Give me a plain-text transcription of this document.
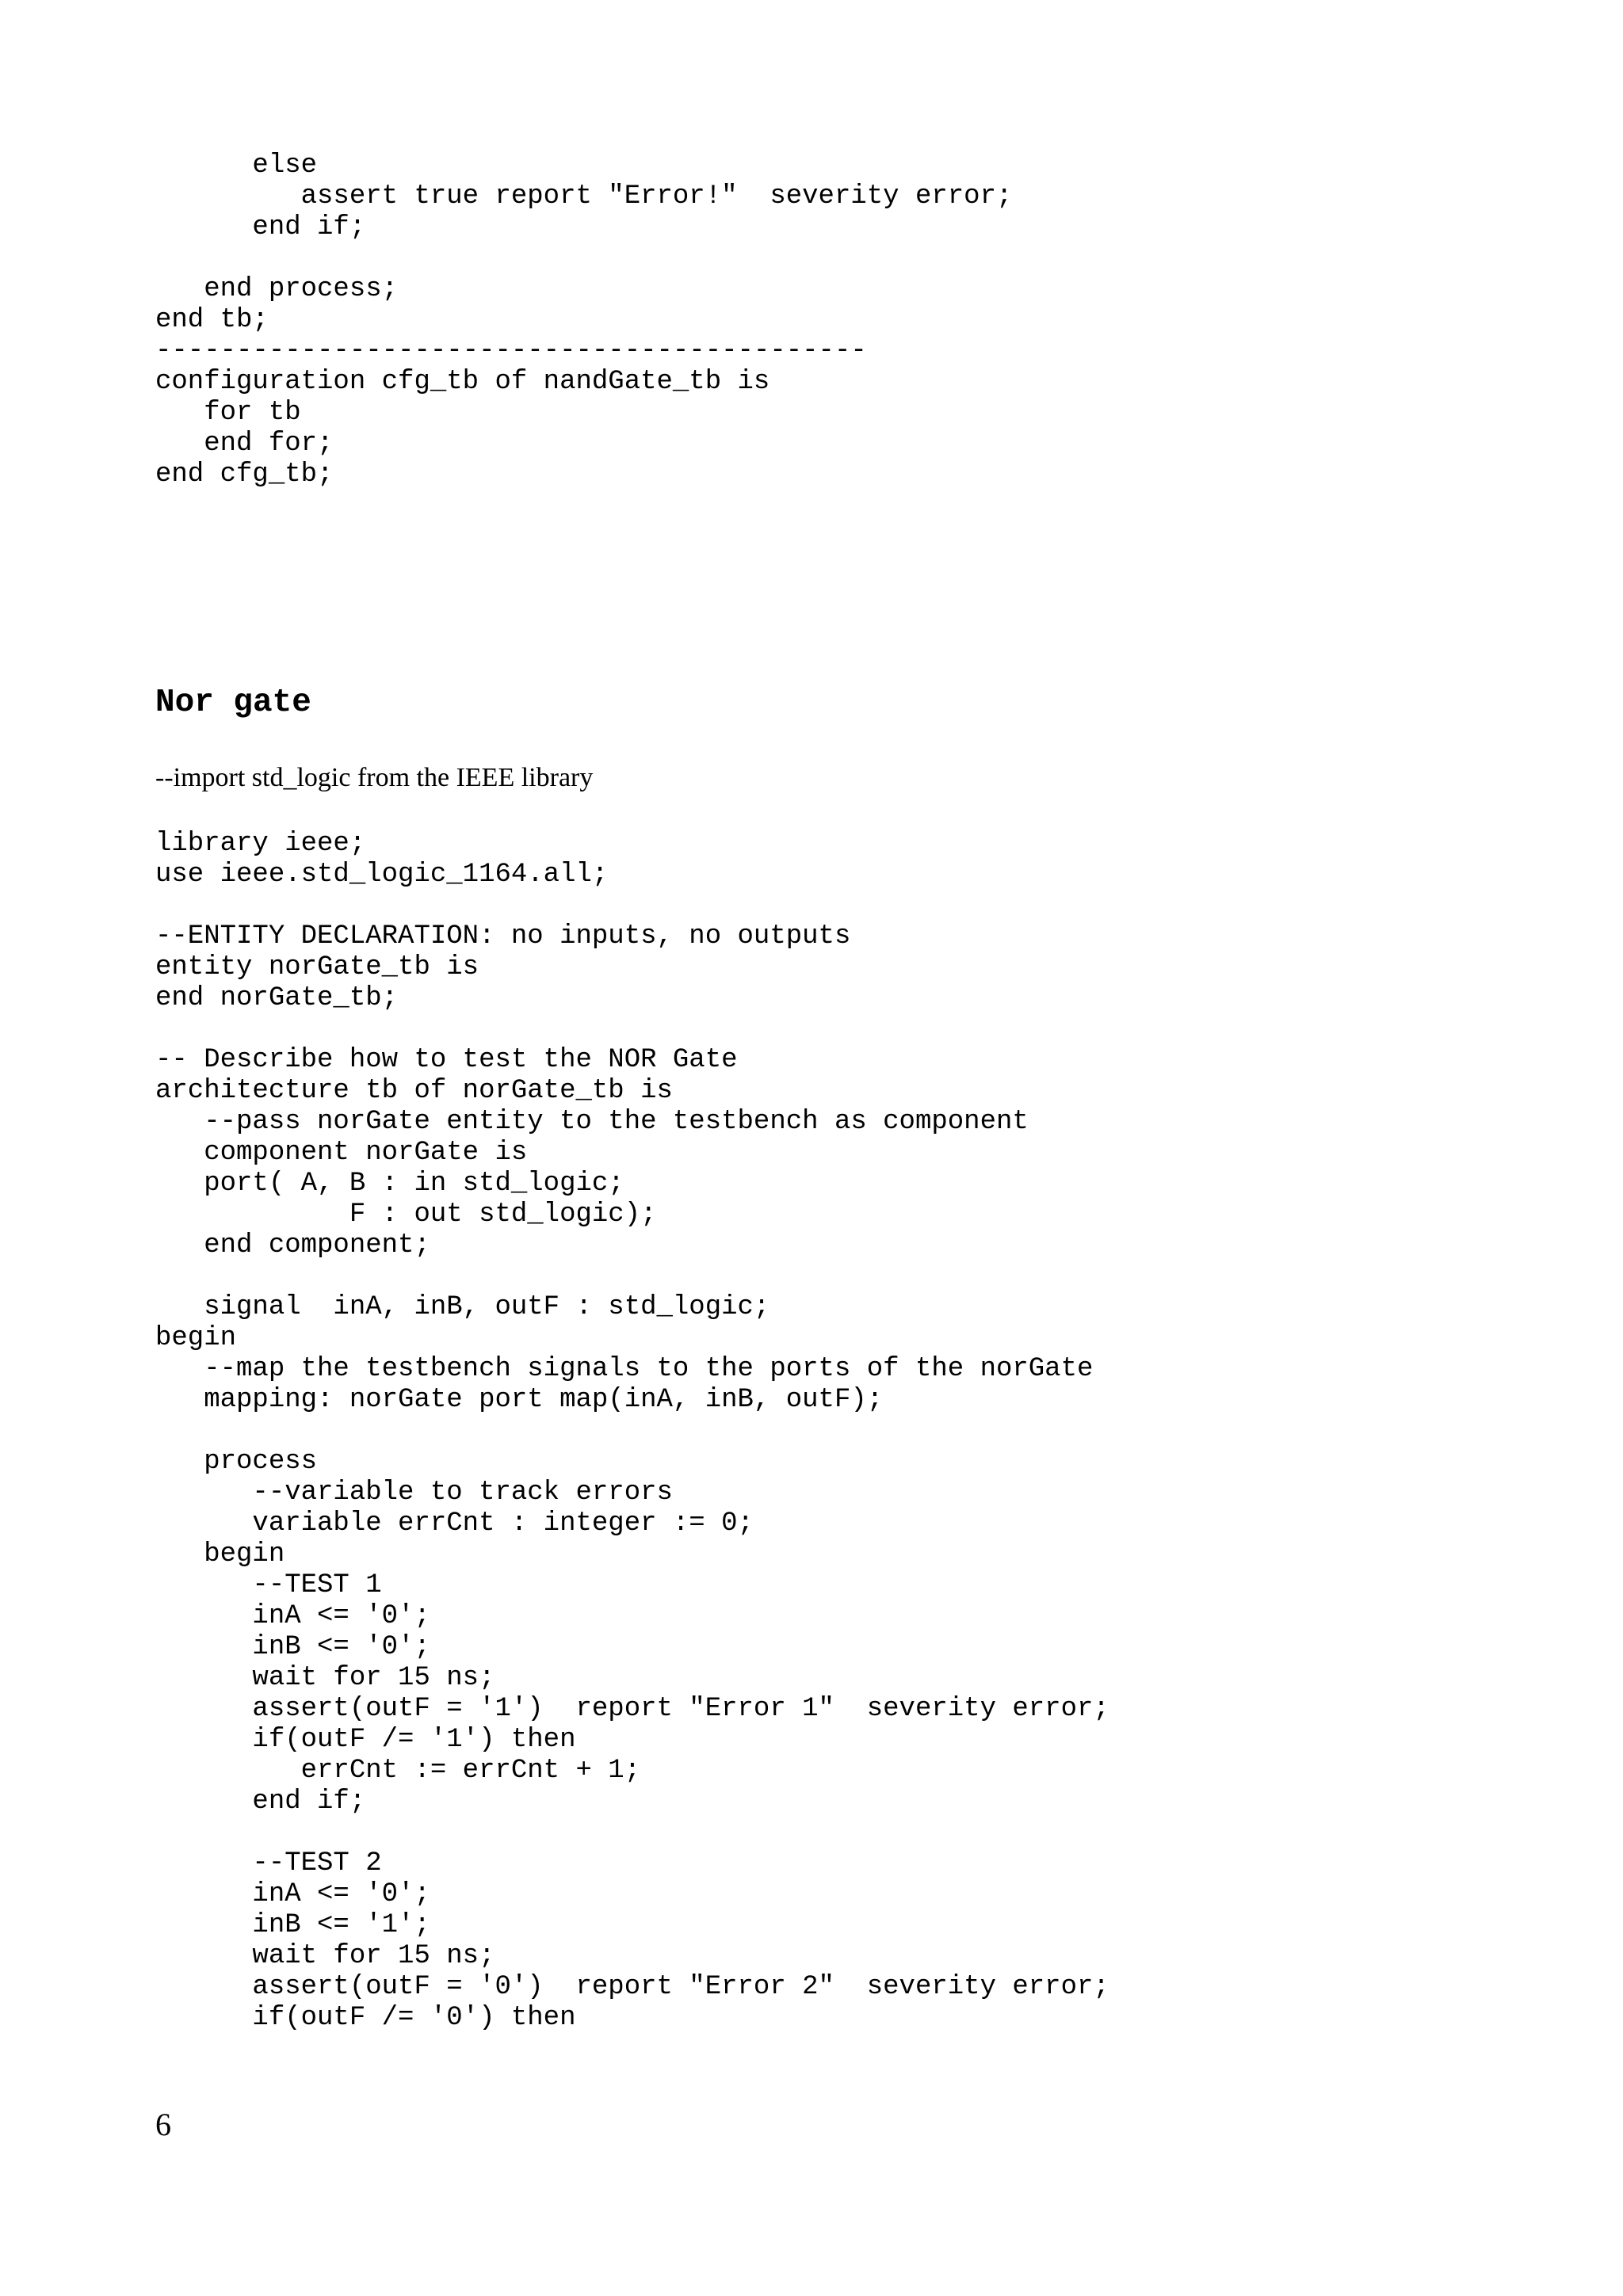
else
assert true report "Error!"  severity error;
end if;

end process;
end tb;
--------------------------------------------
configuration cfg_tb of nandGate_tb is
for tb
end for;
end cfg_tb;

Nor gate

--import std_logic from the IEEE library

library ieee;
use ieee.std_logic_1164.all;

--ENTITY DECLARATION: no inputs, no outputs
entity norGate_tb is
end norGate_tb;

-- Describe how to test the NOR Gate
architecture tb of norGate_tb is
--pass norGate entity to the testbench as component
component norGate is
port( A, B : in std_logic;
F : out std_logic);
end component;

signal  inA, inB, outF : std_logic;
begin
--map the testbench signals to the ports of the norGate
mapping: norGate port map(inA, inB, outF);

process
--variable to track errors
variable errCnt : integer := 0;
begin
--TEST 1
inA <= '0';
inB <= '0';
wait for 15 ns;
assert(outF = '1')  report "Error 1"  severity error;
if(outF /= '1') then
errCnt := errCnt + 1;
end if;

--TEST 2
inA <= '0';
inB <= '1';
wait for 15 ns;
assert(outF = '0')  report "Error 2"  severity error;
if(outF /= '0') then

6
